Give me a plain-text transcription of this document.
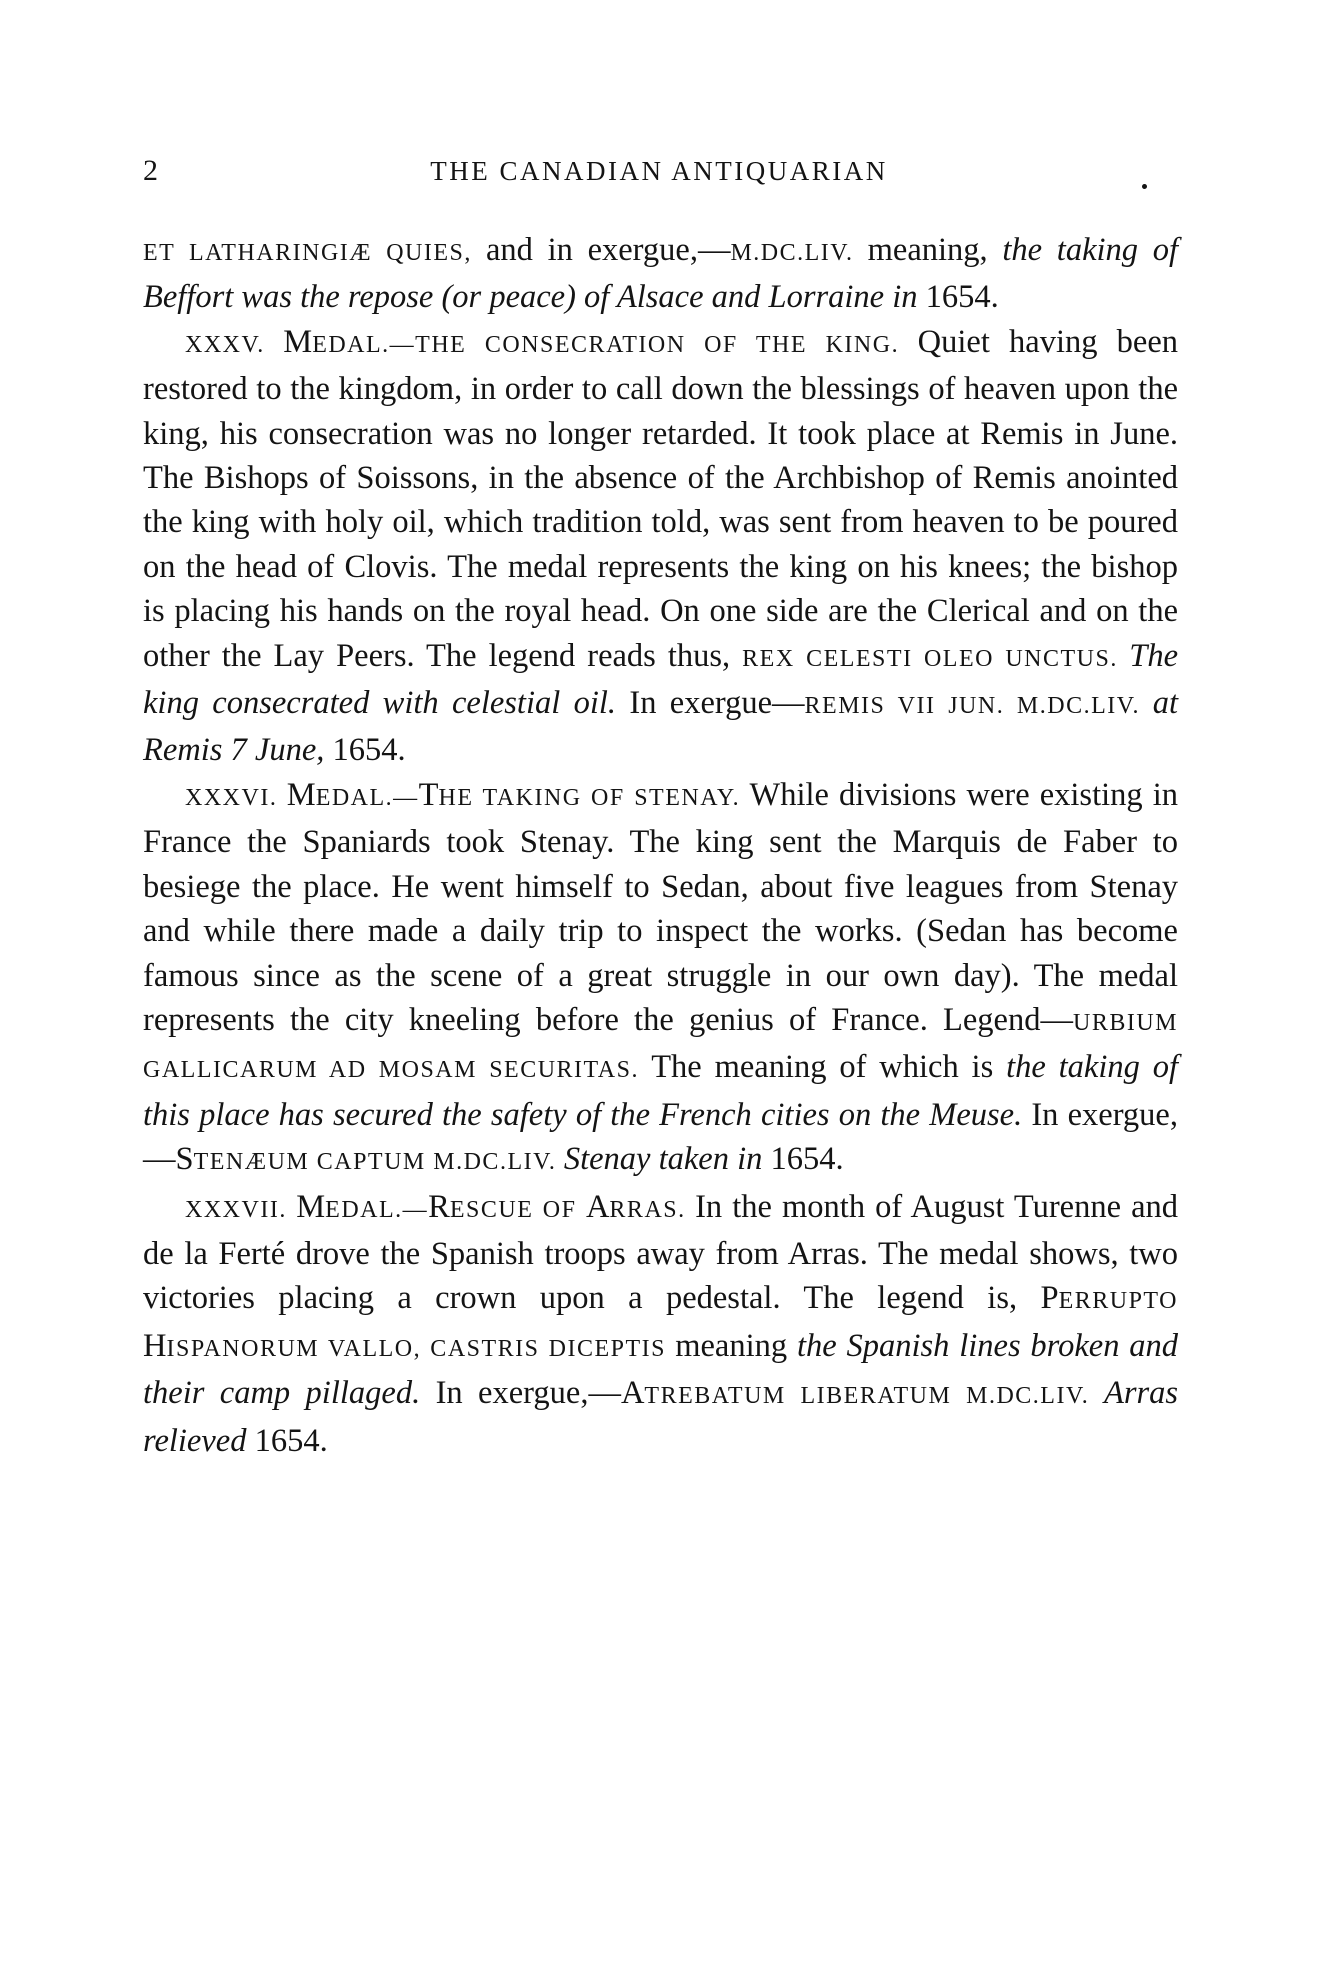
2	THE CANADIAN ANTIQUARIAN

ET LATHARINGIÆ QUIES, and in exergue,—M.DC.LIV. meaning, the taking of Beffort was the repose (or peace) of Alsace and Lorraine in 1654.

XXXV. MEDAL.—THE CONSECRATION OF THE KING. Quiet having been restored to the kingdom, in order to call down the blessings of heaven upon the king, his consecration was no longer retarded. It took place at Remis in June. The Bishops of Soissons, in the absence of the Archbishop of Remis anointed the king with holy oil, which tradition told, was sent from heaven to be poured on the head of Clovis. The medal represents the king on his knees; the bishop is placing his hands on the royal head. On one side are the Clerical and on the other the Lay Peers. The legend reads thus, REX CELESTI OLEO UNCTUS. The king consecrated with celestial oil. In exergue—REMIS VII JUN. M.DC.LIV. at Remis 7 June, 1654.

XXXVI. MEDAL.—THE TAKING OF STENAY. While divisions were existing in France the Spaniards took Stenay. The king sent the Marquis de Faber to besiege the place. He went himself to Sedan, about five leagues from Stenay and while there made a daily trip to inspect the works. (Sedan has become famous since as the scene of a great struggle in our own day). The medal represents the city kneeling before the genius of France. Legend—URBIUM GALLICARUM AD MOSAM SECURITAS. The meaning of which is the taking of this place has secured the safety of the French cities on the Meuse. In exergue,—STENÆUM CAPTUM M.DC.LIV. Stenay taken in 1654.

XXXVII. MEDAL.—RESCUE OF ARRAS. In the month of August Turenne and de la Ferté drove the Spanish troops away from Arras. The medal shows, two victories placing a crown upon a pedestal. The legend is, PERRUPTO HISPANORUM VALLO, CASTRIS DICEPTIS meaning the Spanish lines broken and their camp pillaged. In exergue,—ATREBATUM LIBERATUM M.DC.LIV. Arras relieved 1654.
